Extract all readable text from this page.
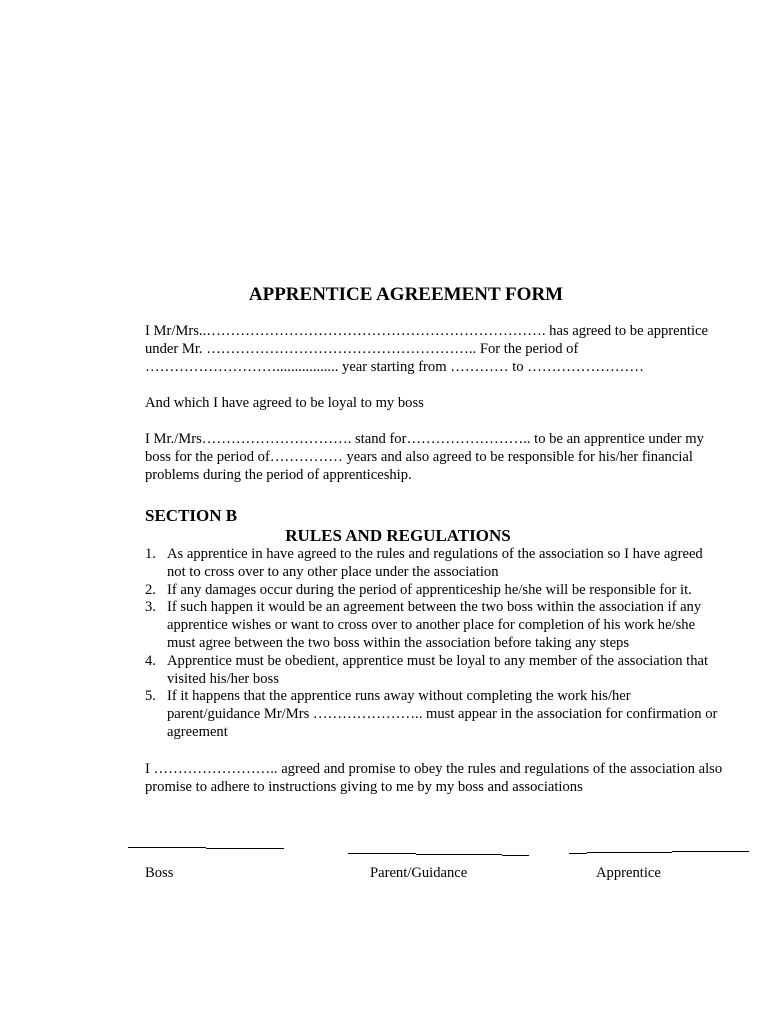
APPRENTICE AGREEMENT FORM
I Mr/Mrs..……………………………………………………………. has agreed to be apprentice under Mr. ……………………………………………….. For the period of ………………………................. year starting from ………… to ……………………
And which I have agreed to be loyal to my boss
I Mr./Mrs…………………………. stand for…………………….. to be an apprentice under my boss for the period of…………… years and also agreed to be responsible for his/her financial problems during the period of apprenticeship.
SECTION B
RULES AND REGULATIONS
1. As apprentice in have agreed to the rules and regulations of the association so I have agreed not to cross over to any other place under the association
2. If any damages occur during the period of apprenticeship he/she will be responsible for it.
3. If such happen it would be an agreement between the two boss within the association if any apprentice wishes or want to cross over to another place for completion of his work he/she must agree between the two boss within the association before taking any steps
4. Apprentice must be obedient, apprentice must be loyal to any member of the association that visited his/her boss
5. If it happens that the apprentice runs away without completing the work his/her parent/guidance Mr/Mrs ………………….. must appear in the association for confirmation or agreement
I …………………….. agreed and promise to obey the rules and regulations of the association also promise to adhere to instructions giving to me by my boss and associations
Boss	Parent/Guidance	Apprentice
